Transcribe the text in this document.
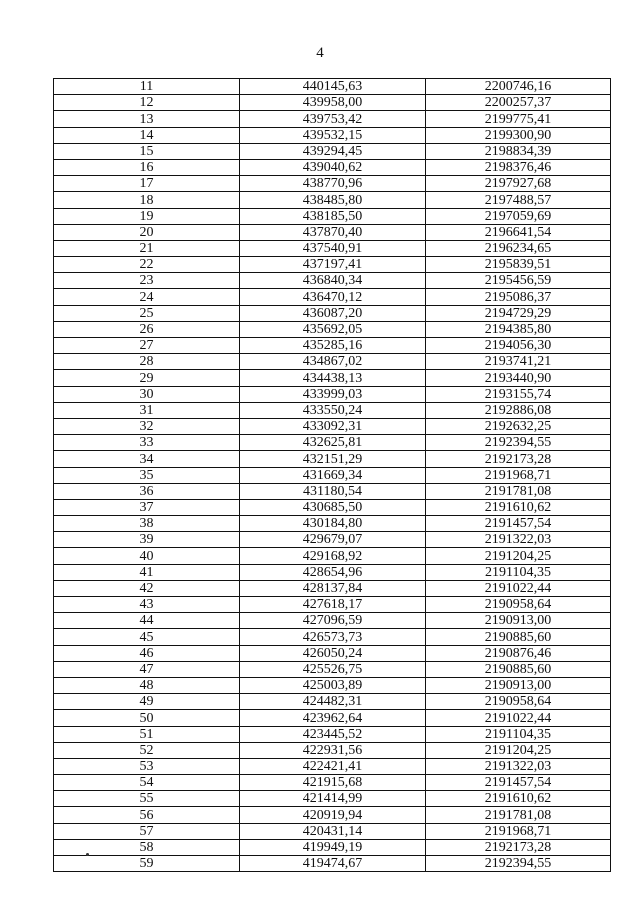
4
11	440145,63	2200746,16
12	439958,00	2200257,37
13	439753,42	2199775,41
14	439532,15	2199300,90
15	439294,45	2198834,39
16	439040,62	2198376,46
17	438770,96	2197927,68
18	438485,80	2197488,57
19	438185,50	2197059,69
20	437870,40	2196641,54
21	437540,91	2196234,65
22	437197,41	2195839,51
23	436840,34	2195456,59
24	436470,12	2195086,37
25	436087,20	2194729,29
26	435692,05	2194385,80
27	435285,16	2194056,30
28	434867,02	2193741,21
29	434438,13	2193440,90
30	433999,03	2193155,74
31	433550,24	2192886,08
32	433092,31	2192632,25
33	432625,81	2192394,55
34	432151,29	2192173,28
35	431669,34	2191968,71
36	431180,54	2191781,08
37	430685,50	2191610,62
38	430184,80	2191457,54
39	429679,07	2191322,03
40	429168,92	2191204,25
41	428654,96	2191104,35
42	428137,84	2191022,44
43	427618,17	2190958,64
44	427096,59	2190913,00
45	426573,73	2190885,60
46	426050,24	2190876,46
47	425526,75	2190885,60
48	425003,89	2190913,00
49	424482,31	2190958,64
50	423962,64	2191022,44
51	423445,52	2191104,35
52	422931,56	2191204,25
53	422421,41	2191322,03
54	421915,68	2191457,54
55	421414,99	2191610,62
56	420919,94	2191781,08
57	420431,14	2191968,71
58	419949,19	2192173,28
59	419474,67	2192394,55
